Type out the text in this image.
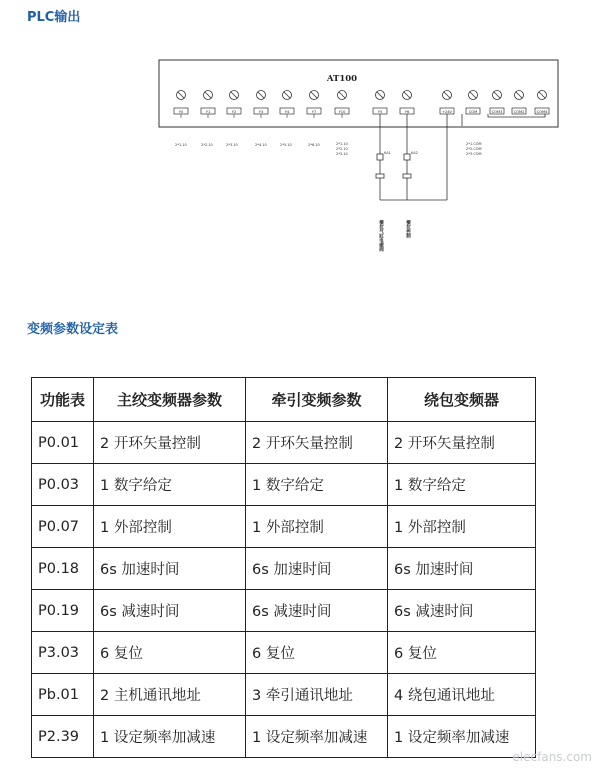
PLC输出
AT100
Y0	Y1	Y2	Y3	Y4	Y7	Y10	Y5	Y6	+24V	COM	COM3	COM2	COM4
2*1.10	2*2.10	2*3.10	2*4.10	2*5.10	2*6.10	2*1.10
2*2.10
2*3.10
2*1.COM
2*2.COM
2*3.COM
KA1	KA2
横拉气缸电磁阀	横拉控制
变频参数设定表
功能表	主绞变频器参数	牵引变频参数	绕包变频器
P0.01	2 开环矢量控制	2 开环矢量控制	2 开环矢量控制
P0.03	1 数字给定	1 数字给定	1 数字给定
P0.07	1 外部控制	1 外部控制	1 外部控制
P0.18	6s 加速时间	6s 加速时间	6s 加速时间
P0.19	6s 减速时间	6s 减速时间	6s 减速时间
P3.03	6 复位	6 复位	6 复位
Pb.01	2 主机通讯地址	3 牵引通讯地址	4 绕包通讯地址
P2.39	1 设定频率加减速	1 设定频率加减速	1 设定频率加减速
elecfans.com
